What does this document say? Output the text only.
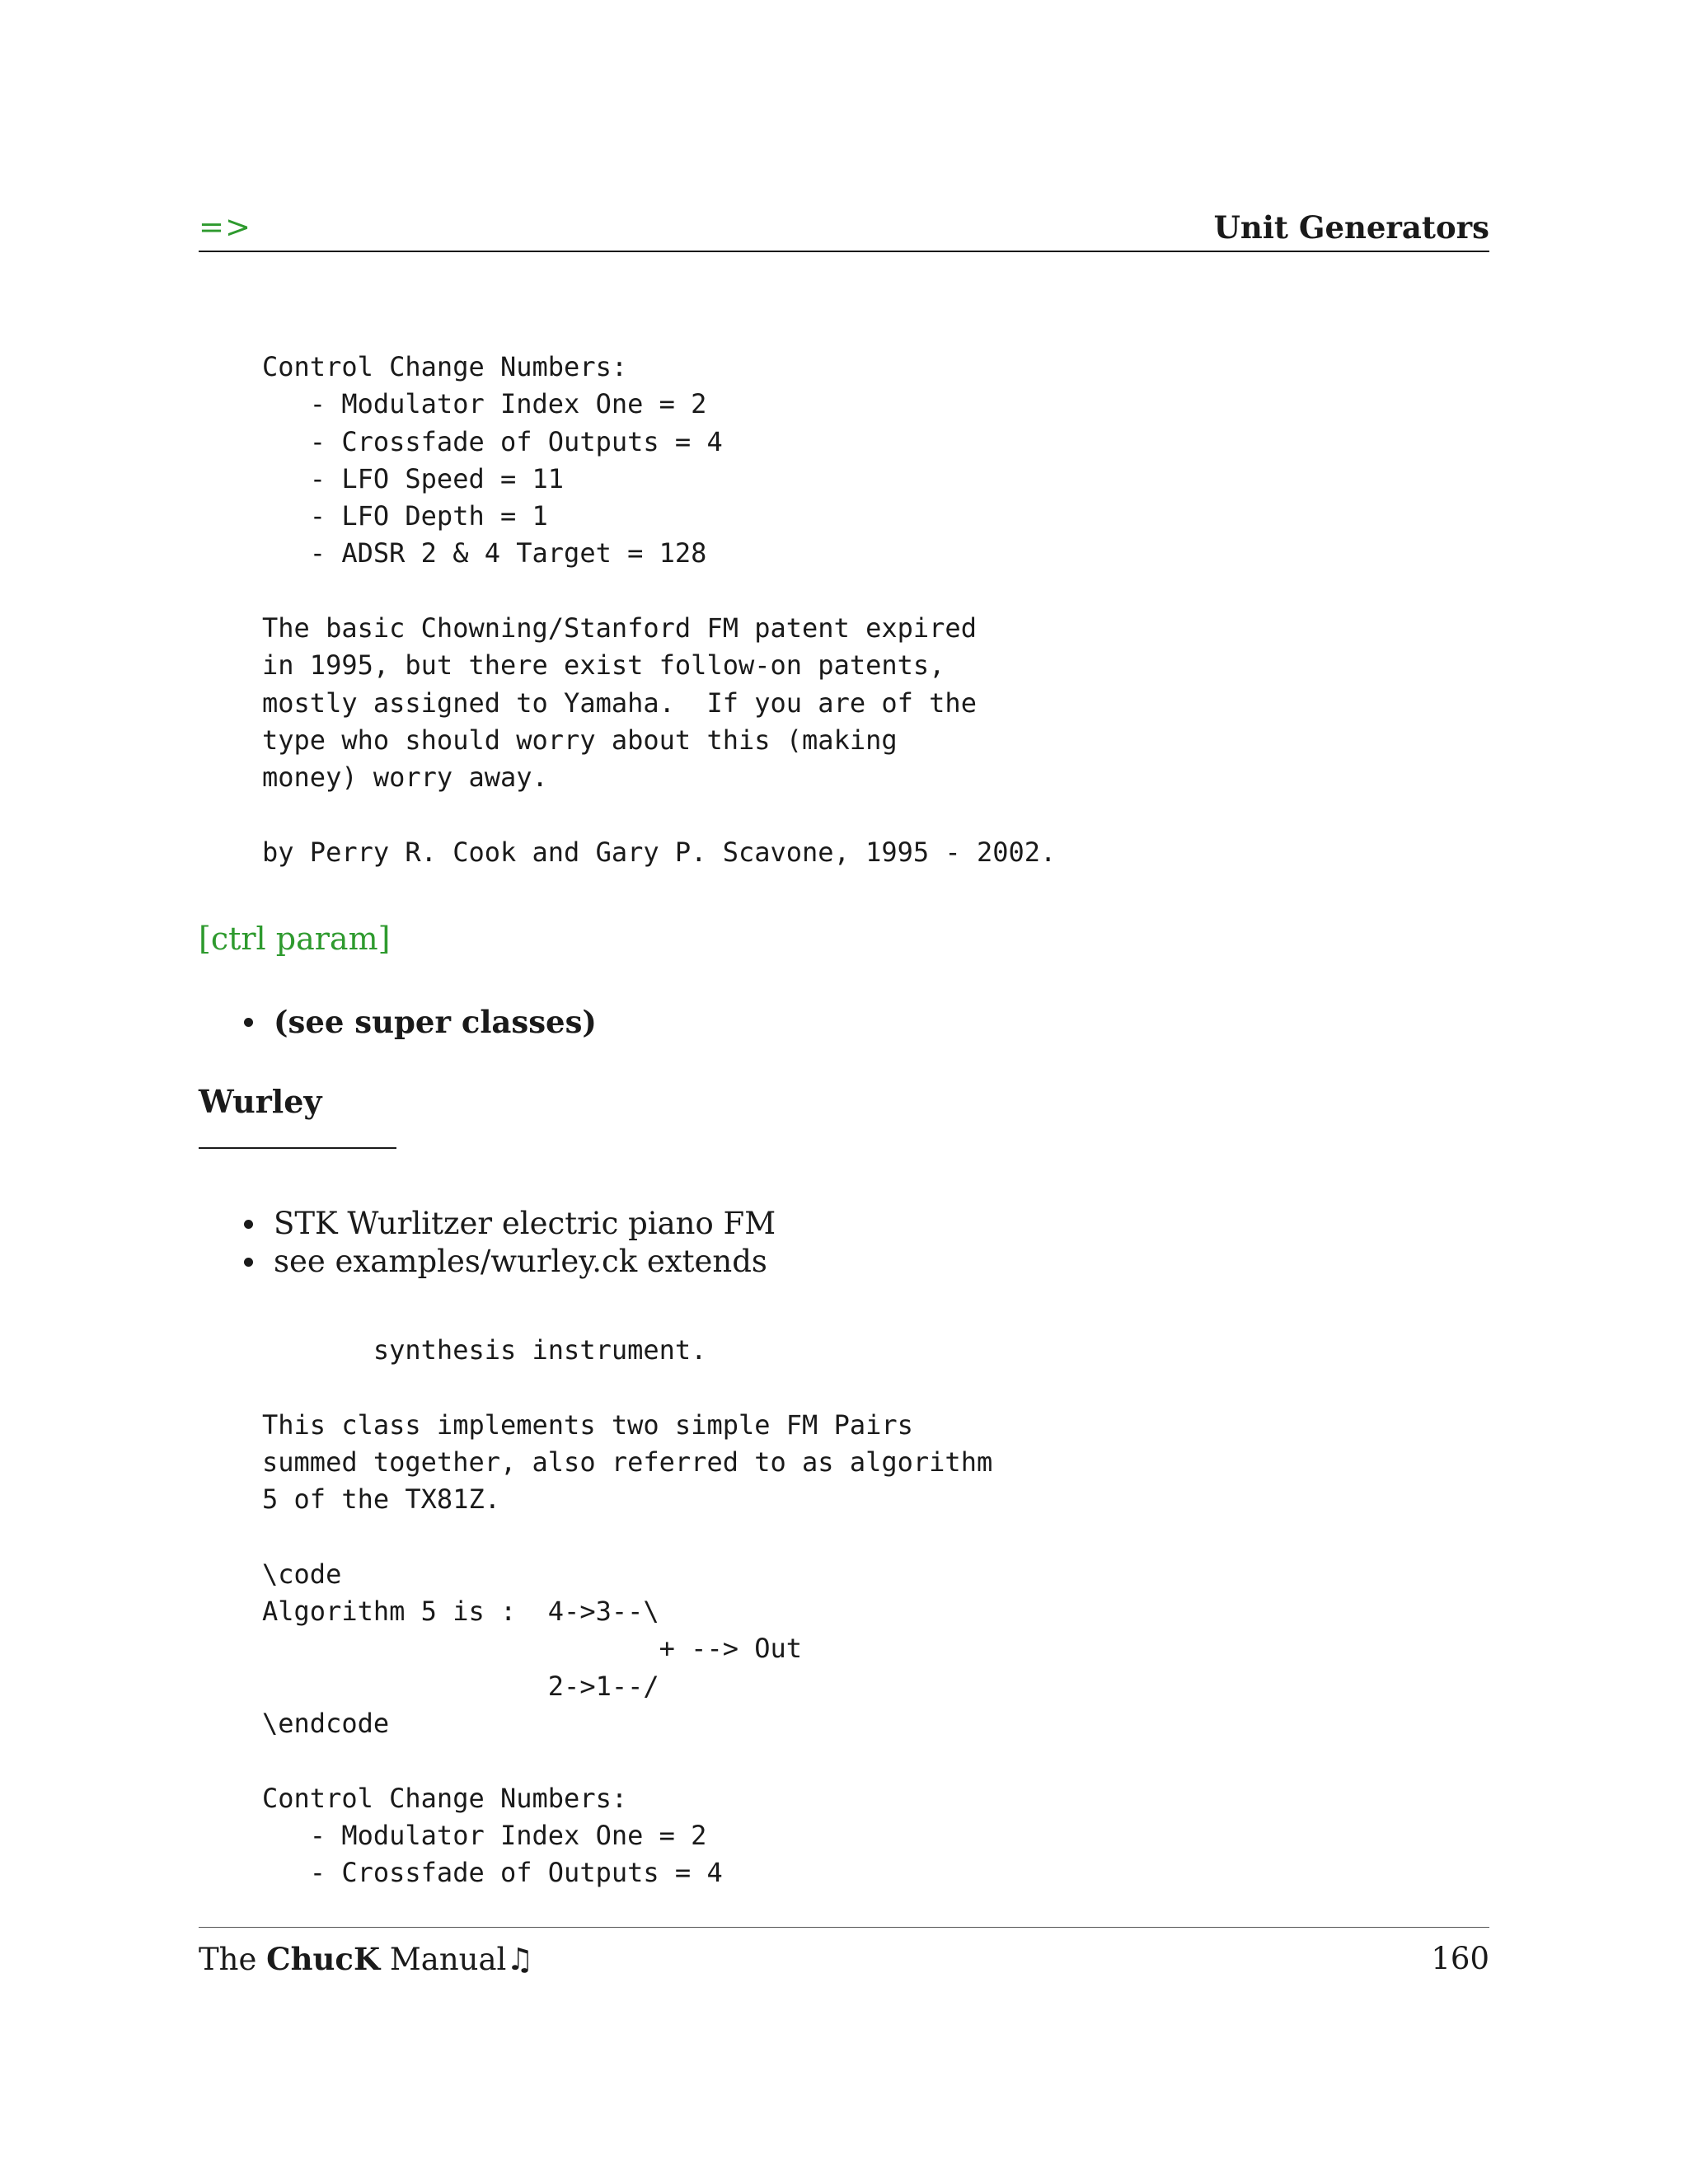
=>	Unit Generators
Control Change Numbers:
- Modulator Index One = 2
- Crossfade of Outputs = 4
- LFO Speed = 11
- LFO Depth = 1
- ADSR 2 & 4 Target = 128

The basic Chowning/Stanford FM patent expired
in 1995, but there exist follow-on patents,
mostly assigned to Yamaha.  If you are of the
type who should worry about this (making
money) worry away.

by Perry R. Cook and Gary P. Scavone, 1995 - 2002.
[ctrl param]
(see super classes)
Wurley
STK Wurlitzer electric piano FM
see examples/wurley.ck extends
synthesis instrument.

This class implements two simple FM Pairs
summed together, also referred to as algorithm
5 of the TX81Z.

\code
Algorithm 5 is :  4->3--\
+ --> Out
2->1--/
\endcode

Control Change Numbers:
- Modulator Index One = 2
- Crossfade of Outputs = 4
The ChucK Manual♫	160
